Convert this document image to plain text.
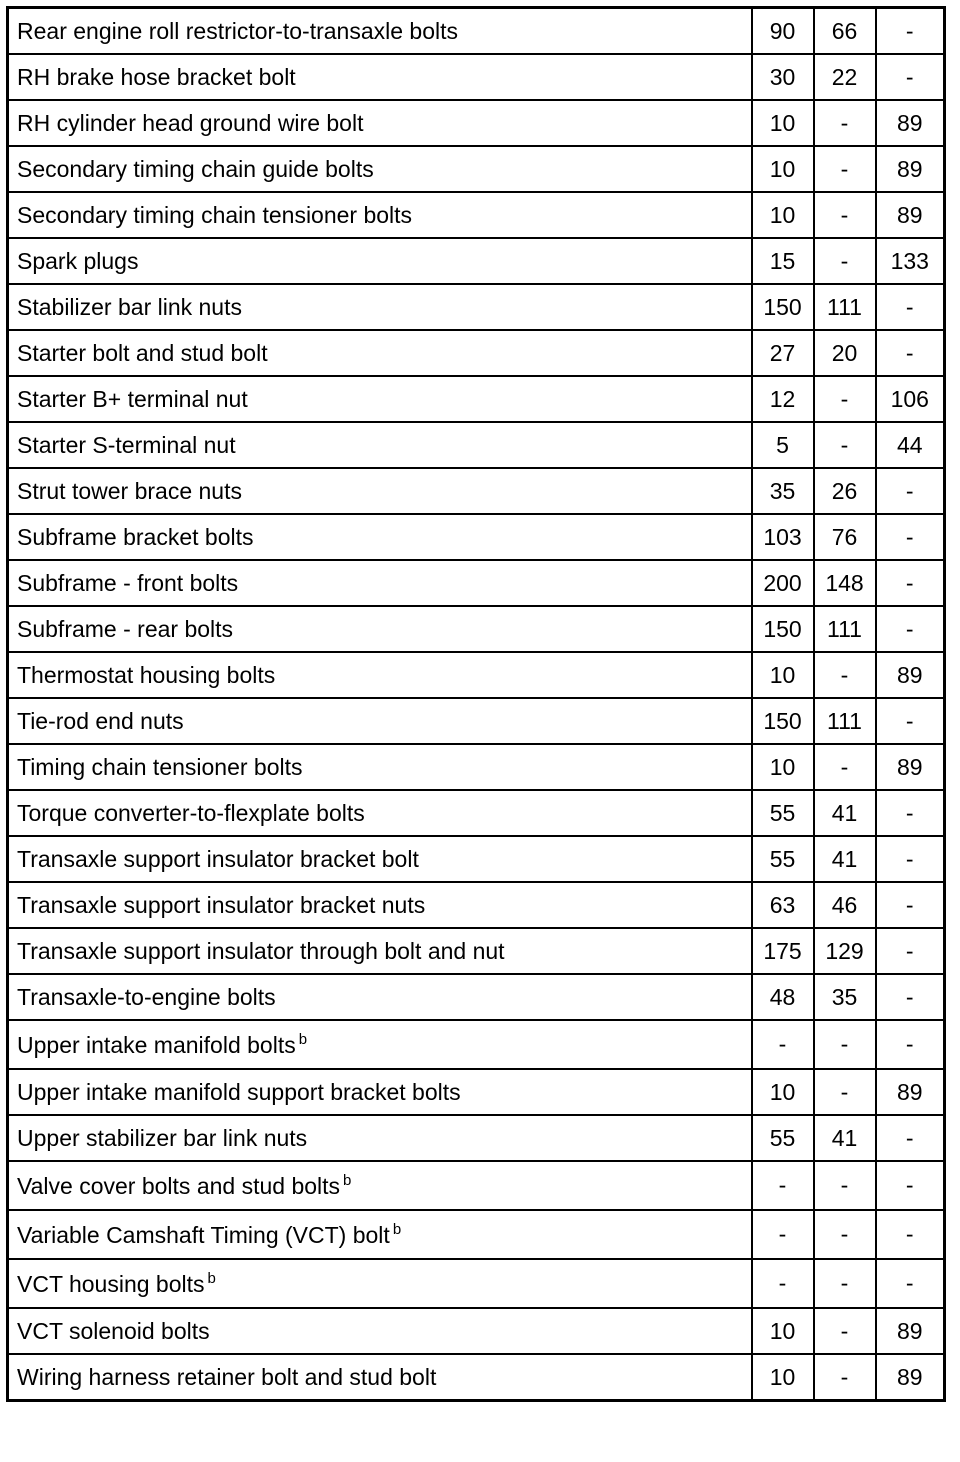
Rear engine roll restrictor-to-transaxle bolts	90	66	-
RH brake hose bracket bolt	30	22	-
RH cylinder head ground wire bolt	10	-	89
Secondary timing chain guide bolts	10	-	89
Secondary timing chain tensioner bolts	10	-	89
Spark plugs	15	-	133
Stabilizer bar link nuts	150	111	-
Starter bolt and stud bolt	27	20	-
Starter B+ terminal nut	12	-	106
Starter S-terminal nut	5	-	44
Strut tower brace nuts	35	26	-
Subframe bracket bolts	103	76	-
Subframe - front bolts	200	148	-
Subframe - rear bolts	150	111	-
Thermostat housing bolts	10	-	89
Tie-rod end nuts	150	111	-
Timing chain tensioner bolts	10	-	89
Torque converter-to-flexplate bolts	55	41	-
Transaxle support insulator bracket bolt	55	41	-
Transaxle support insulator bracket nuts	63	46	-
Transaxle support insulator through bolt and nut	175	129	-
Transaxle-to-engine bolts	48	35	-
Upper intake manifold bolts $^b$	-	-	-
Upper intake manifold support bracket bolts	10	-	89
Upper stabilizer bar link nuts	55	41	-
Valve cover bolts and stud bolts $^b$	-	-	-
Variable Camshaft Timing (VCT) bolt $^b$	-	-	-
VCT housing bolts $^b$	-	-	-
VCT solenoid bolts	10	-	89
Wiring harness retainer bolt and stud bolt	10	-	89
